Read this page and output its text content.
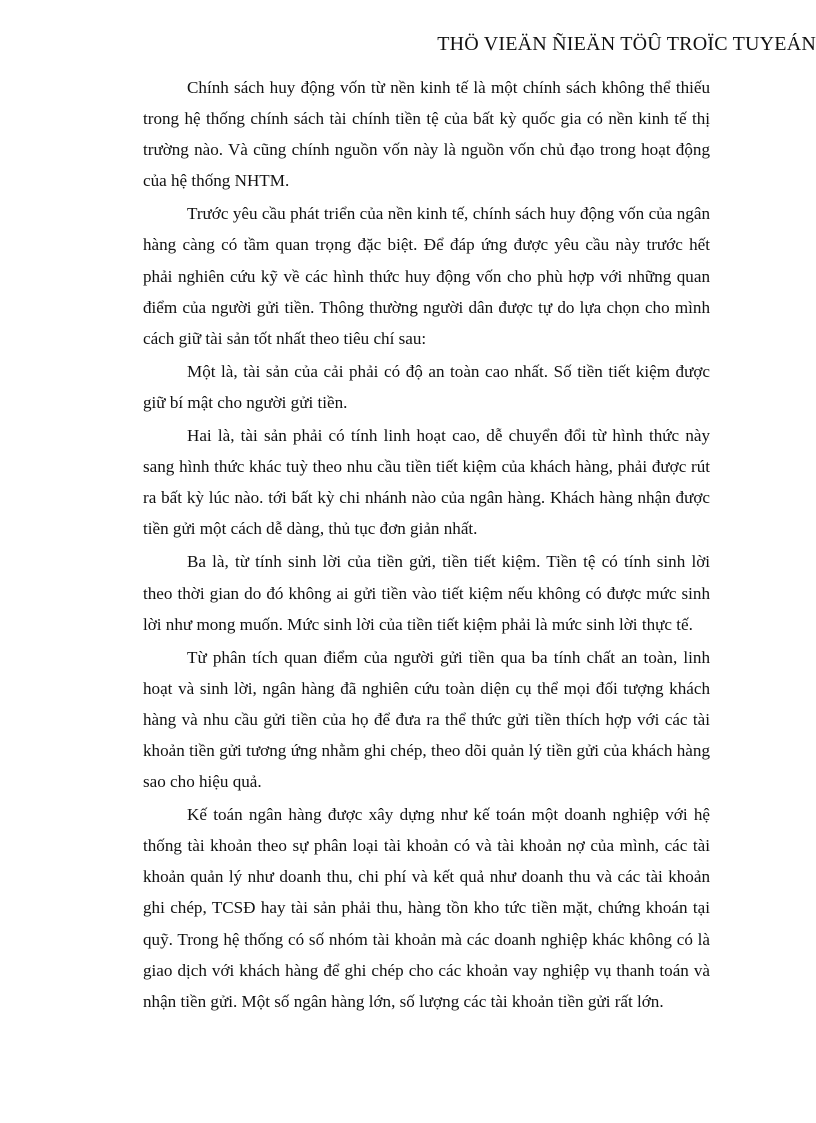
THÖ VIEÄN ÑIEÄN TÖÛ TROÏC TUYEÁN

Chính sách huy động vốn từ nền kinh tế là một chính sách không thể thiếu trong hệ thống chính sách tài chính tiền tệ của bất kỳ quốc gia có nền kinh tế thị trường nào. Và cũng chính nguồn vốn này là nguồn vốn chủ đạo trong hoạt động của hệ thống NHTM.

Trước yêu cầu phát triển của nền kinh tế, chính sách huy động vốn của ngân hàng càng có tầm quan trọng đặc biệt. Để đáp ứng được yêu cầu này trước hết phải nghiên cứu kỹ về các hình thức huy động vốn cho phù hợp với những quan điểm của người gửi tiền. Thông thường người dân được tự do lựa chọn cho mình cách giữ tài sản tốt nhất theo tiêu chí sau:

Một là, tài sản của cải phải có độ an toàn cao nhất. Số tiền tiết kiệm được giữ bí mật cho người gửi tiền.

Hai là, tài sản phải có tính linh hoạt cao, dễ chuyển đổi từ hình thức này sang hình thức khác tuỳ theo nhu cầu tiền tiết kiệm của khách hàng, phải được rút ra bất kỳ lúc nào. tới bất kỳ chi nhánh nào của ngân hàng. Khách hàng nhận được tiền gửi một cách dễ dàng, thủ tục đơn giản nhất.

Ba là, từ tính sinh lời của tiền gửi, tiền tiết kiệm. Tiền tệ có tính sinh lời theo thời gian do đó không ai gửi tiền vào tiết kiệm nếu không có được mức sinh lời như mong muốn. Mức sinh lời của tiền tiết kiệm phải là mức sinh lời thực tế.

Từ phân tích quan điểm của người gửi tiền qua ba tính chất an toàn, linh hoạt và sinh lời, ngân hàng đã nghiên cứu toàn diện cụ thể mọi đối tượng khách hàng và nhu cầu gửi tiền của họ để đưa ra thể thức gửi tiền thích hợp với các tài khoản tiền gửi tương ứng nhằm ghi chép, theo dõi quản lý tiền gửi của khách hàng sao cho hiệu quả.

Kế toán ngân hàng được xây dựng như kế toán một doanh nghiệp với hệ thống tài khoản theo sự phân loại tài khoản có và tài khoản nợ của mình, các tài khoản quản lý như doanh thu, chi phí và kết quả như doanh thu và các tài khoản ghi chép, TCSĐ hay tài sản phải thu, hàng tồn kho tức tiền mặt, chứng khoán tại quỹ. Trong hệ thống có số nhóm tài khoản mà các doanh nghiệp khác không có là giao dịch với khách hàng để ghi chép cho các khoản vay nghiệp vụ thanh toán và nhận tiền gửi. Một số ngân hàng lớn, số lượng các tài khoản tiền gửi rất lớn.
